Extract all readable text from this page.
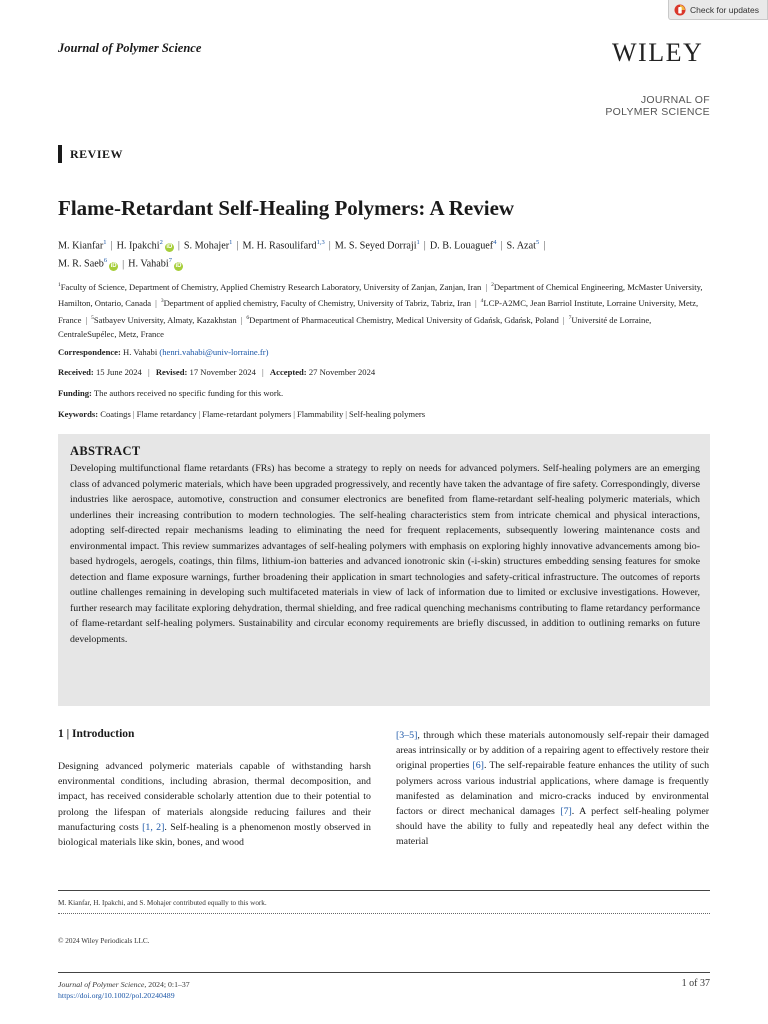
Check for updates
Journal of Polymer Science	WILEY
JOURNAL OF
POLYMER SCIENCE
REVIEW
Flame-Retardant Self-Healing Polymers: A Review
M. Kianfar$^1$ | H. Ipakchi$^2$iD | S. Mohajer$^1$ | M. H. Rasoulifard$^{1,3}$ | M. S. Seyed Dorraji$^1$ | D. B. Louaguef$^4$ | S. Azat$^5$ |
M. R. Saeb$^6$iD | H. Vahabi$^7$iD
$^1$Faculty of Science, Department of Chemistry, Applied Chemistry Research Laboratory, University of Zanjan, Zanjan, Iran | $^2$Department of Chemical Engineering, McMaster University, Hamilton, Ontario, Canada | $^3$Department of applied chemistry, Faculty of Chemistry, University of Tabriz, Tabriz, Iran | $^4$LCP-A2MC, Jean Barriol Institute, Lorraine University, Metz, France | $^5$Satbayev University, Almaty, Kazakhstan | $^6$Department of Pharmaceutical Chemistry, Medical University of Gdańsk, Gdańsk, Poland | $^7$Université de Lorraine, CentraleSupélec, Metz, France
Correspondence: H. Vahabi (henri.vahabi@univ-lorraine.fr)
Received: 15 June 2024 | Revised: 17 November 2024 | Accepted: 27 November 2024
Funding: The authors received no specific funding for this work.
Keywords: Coatings | Flame retardancy | Flame-retardant polymers | Flammability | Self-healing polymers
ABSTRACT
Developing multifunctional flame retardants (FRs) has become a strategy to reply on needs for advanced polymers. Self-healing polymers are an emerging class of advanced polymeric materials, which have been upgraded progressively, and recently have taken the advantage of fire safety. Correspondingly, diverse industries like aerospace, automotive, construction and consumer electronics are benefited from flame-retardant self-healing polymeric materials, which underlines their increasing contribution to modern technologies. The self-healing characteristics stem from intricate chemical and physical interactions, adopting self-directed repair mechanisms leading to eliminating the need for frequent replacements, subsequently lowering maintenance costs and environmental impact. This review summarizes advantages of self-healing polymers with emphasis on exploring highly innovative advancements among bio-based hydrogels, aerogels, coatings, thin films, lithium-ion batteries and advanced ionotronic skin (-i-skin) structures embedding sensing features for smoke detection and flame exposure warnings, further broadening their application in smart technologies and safety-critical infrastructure. The outcomes of reports outline challenges remaining in developing such multifaceted materials in view of lack of information due to limited or exclusive investigations. However, further research may facilitate exploring dehydration, thermal shielding, and free radical quenching mechanisms contributing to flame retardancy performance of flame-retardant self-healing polymers. Sustainability and circular economy requirements are briefly discussed, in addition to outlining remarks on future developments.
1 | Introduction
Designing advanced polymeric materials capable of withstanding harsh environmental conditions, including abrasion, thermal decomposition, and impact, has received considerable scholarly attention due to their potential to prolong the lifespan of materials alongside reducing failures and their manufacturing costs [1, 2]. Self-healing is a phenomenon mostly observed in biological materials like skin, bones, and wood
[3–5], through which these materials autonomously self-repair their damaged areas intrinsically or by addition of a repairing agent to effectively restore their original properties [6]. The self-repairable feature enhances the utility of such polymers across various industrial applications, where damage is frequently manifested as delamination and micro-cracks induced by environmental factors or direct mechanical damages [7]. A perfect self-healing polymer should have the ability to fully and repeatedly heal any defect within the material
M. Kianfar, H. Ipakchi, and S. Mohajer contributed equally to this work.
© 2024 Wiley Periodicals LLC.
Journal of Polymer Science, 2024; 0:1–37
https://doi.org/10.1002/pol.20240489
1 of 37
